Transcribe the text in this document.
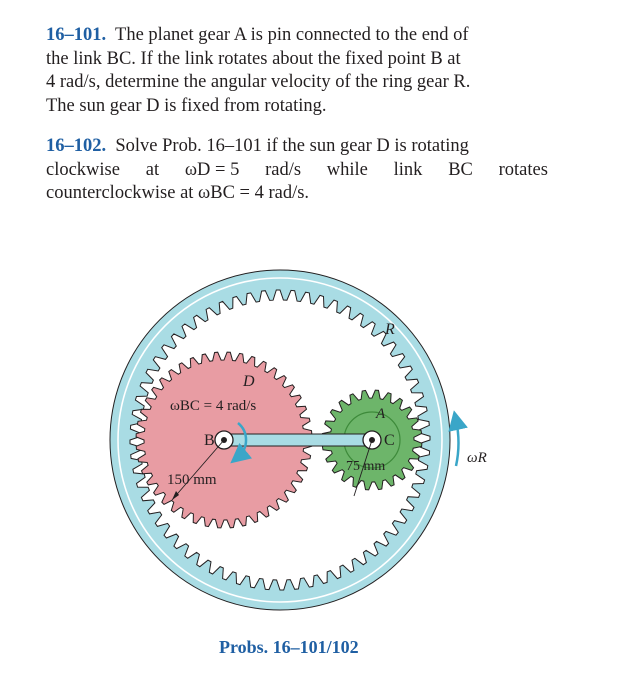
16–101. The planet gear A is pin connected to the end of
the link BC. If the link rotates about the fixed point B at
4 rad/s, determine the angular velocity of the ring gear R.
The sun gear D is fixed from rotating.
16–102. Solve Prob. 16–101 if the sun gear D is rotating
clockwise at ωD = 5 rad/s while link BC rotates
counterclockwise at ωBC = 4 rad/s.
R
D
A
B	C
ωBC = 4 rad/s
150 mm
75 mm
ωR
Probs. 16–101/102
